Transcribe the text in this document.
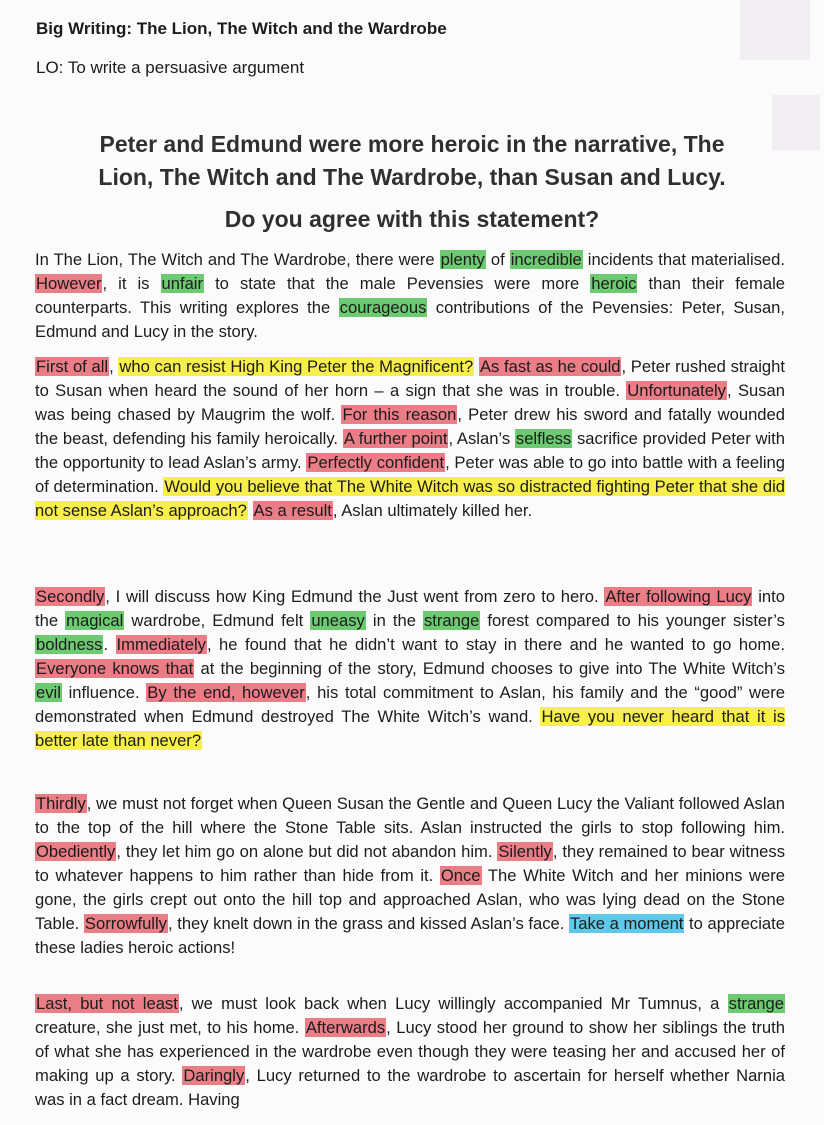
Big Writing: The Lion, The Witch and the Wardrobe
LO: To write a persuasive argument
Peter and Edmund were more heroic in the narrative, The
Lion, The Witch and The Wardrobe, than Susan and Lucy.
Do you agree with this statement?
In The Lion, The Witch and The Wardrobe, there were plenty of incredible incidents that materialised. However, it is unfair to state that the male Pevensies were more heroic than their female counterparts. This writing explores the courageous contributions of the Pevensies: Peter, Susan, Edmund and Lucy in the story.
First of all, who can resist High King Peter the Magnificent? As fast as he could, Peter rushed straight to Susan when heard the sound of her horn – a sign that she was in trouble. Unfortunately, Susan was being chased by Maugrim the wolf. For this reason, Peter drew his sword and fatally wounded the beast, defending his family heroically. A further point, Aslan’s selfless sacrifice provided Peter with the opportunity to lead Aslan’s army. Perfectly confident, Peter was able to go into battle with a feeling of determination. Would you believe that The White Witch was so distracted fighting Peter that she did not sense Aslan’s approach? As a result, Aslan ultimately killed her.
Secondly, I will discuss how King Edmund the Just went from zero to hero. After following Lucy into the magical wardrobe, Edmund felt uneasy in the strange forest compared to his younger sister’s boldness. Immediately, he found that he didn’t want to stay in there and he wanted to go home. Everyone knows that at the beginning of the story, Edmund chooses to give into The White Witch’s evil influence. By the end, however, his total commitment to Aslan, his family and the “good” were demonstrated when Edmund destroyed The White Witch’s wand. Have you never heard that it is better late than never?
Thirdly, we must not forget when Queen Susan the Gentle and Queen Lucy the Valiant followed Aslan to the top of the hill where the Stone Table sits. Aslan instructed the girls to stop following him. Obediently, they let him go on alone but did not abandon him. Silently, they remained to bear witness to whatever happens to him rather than hide from it. Once The White Witch and her minions were gone, the girls crept out onto the hill top and approached Aslan, who was lying dead on the Stone Table. Sorrowfully, they knelt down in the grass and kissed Aslan’s face. Take a moment to appreciate these ladies heroic actions!
Last, but not least, we must look back when Lucy willingly accompanied Mr Tumnus, a strange creature, she just met, to his home. Afterwards, Lucy stood her ground to show her siblings the truth of what she has experienced in the wardrobe even though they were teasing her and accused her of making up a story. Daringly, Lucy returned to the wardrobe to ascertain for herself whether Narnia was in a fact dream. Having
